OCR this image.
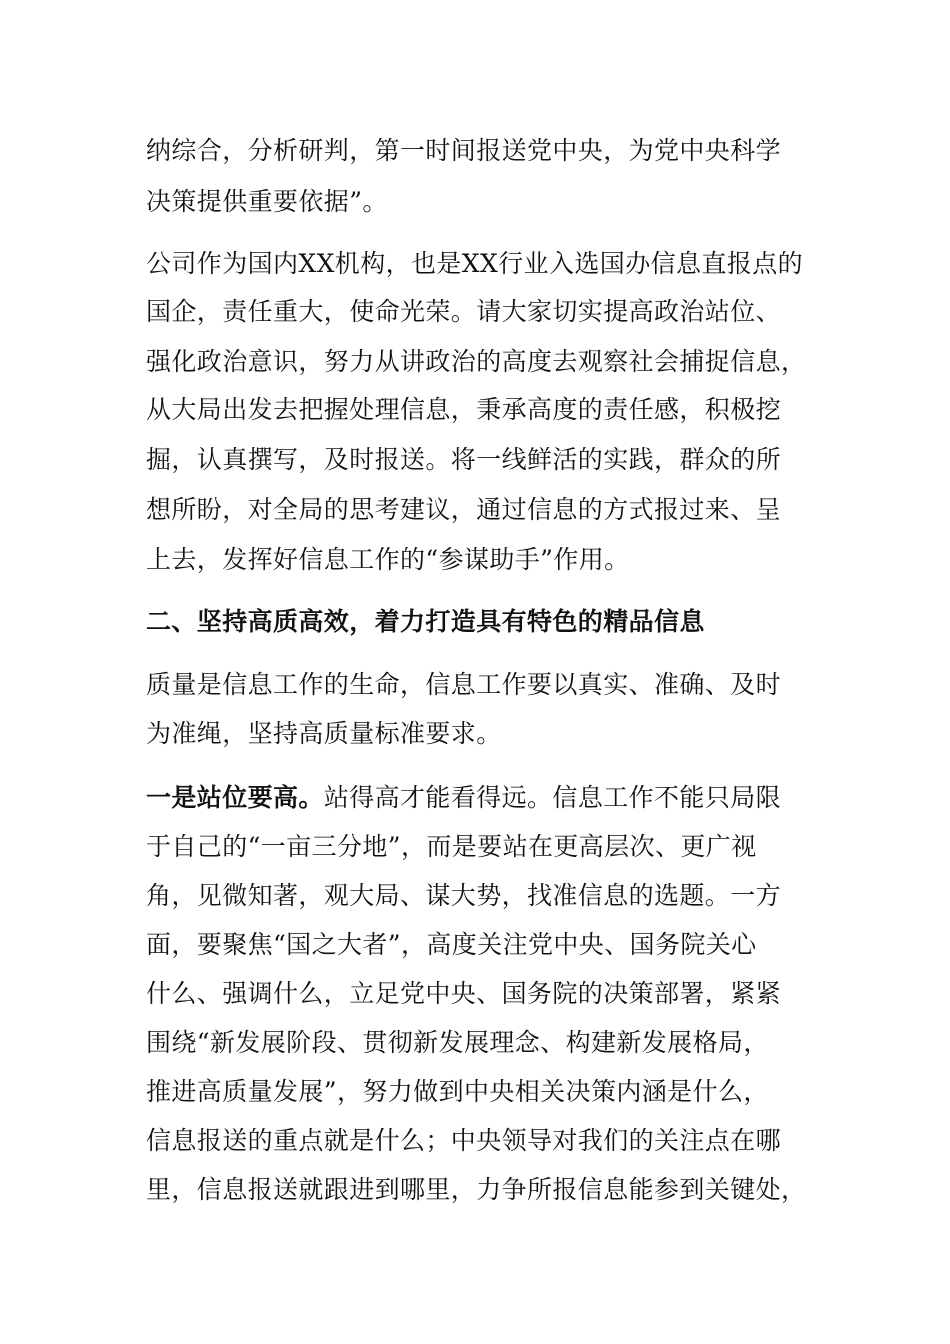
纳综合，分析研判，第一时间报送党中央，为党中央科学
决策提供重要依据”。
公司作为国内XX机构，也是XX行业入选国办信息直报点的
国企，责任重大，使命光荣。请大家切实提高政治站位、
强化政治意识，努力从讲政治的高度去观察社会捕捉信息，
从大局出发去把握处理信息，秉承高度的责任感，积极挖
掘，认真撰写，及时报送。将一线鲜活的实践，群众的所
想所盼，对全局的思考建议，通过信息的方式报过来、呈
上去，发挥好信息工作的“参谋助手”作用。
二、坚持高质高效，着力打造具有特色的精品信息
质量是信息工作的生命，信息工作要以真实、准确、及时
为准绳，坚持高质量标准要求。
一是站位要高。站得高才能看得远。信息工作不能只局限
于自己的“一亩三分地”，而是要站在更高层次、更广视
角，见微知著，观大局、谋大势，找准信息的选题。一方
面，要聚焦“国之大者”，高度关注党中央、国务院关心
什么、强调什么，立足党中央、国务院的决策部署，紧紧
围绕“新发展阶段、贯彻新发展理念、构建新发展格局，
推进高质量发展”，努力做到中央相关决策内涵是什么，
信息报送的重点就是什么；中央领导对我们的关注点在哪
里，信息报送就跟进到哪里，力争所报信息能参到关键处，
